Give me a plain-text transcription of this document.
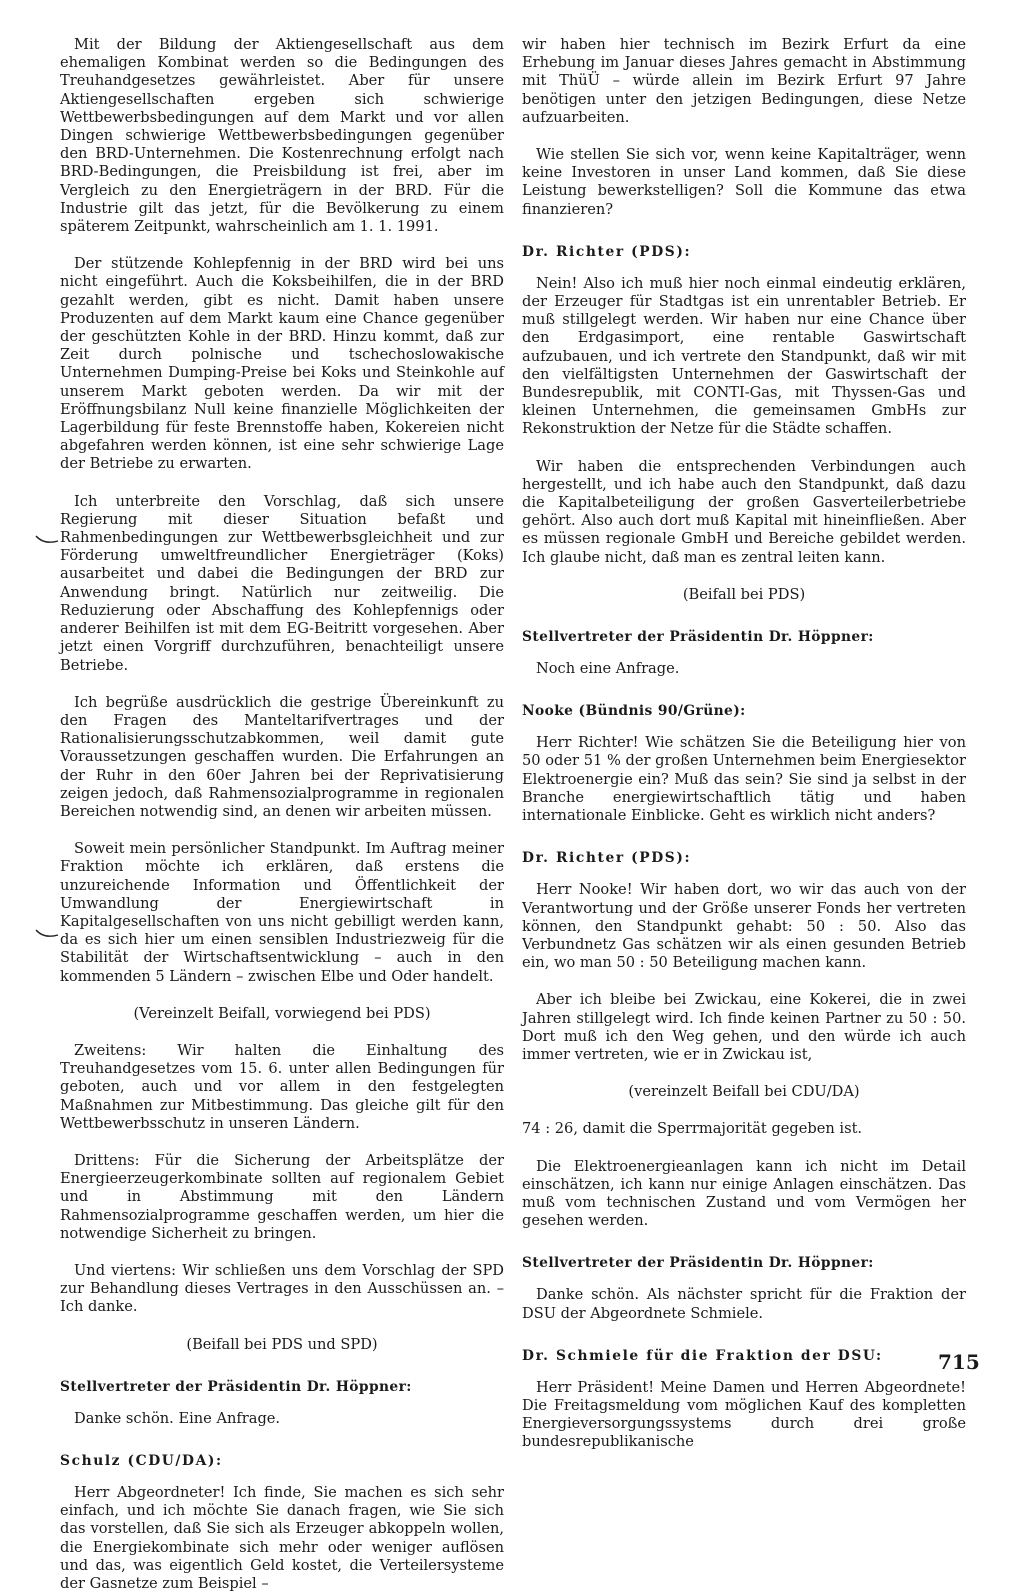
Mit der Bildung der Aktiengesellschaft aus dem ehemaligen Kombinat werden so die Bedingungen des Treuhandgesetzes gewährleistet. Aber für unsere Aktiengesellschaften ergeben sich schwierige Wettbewerbsbedingungen auf dem Markt und vor allen Dingen schwierige Wettbewerbsbedingungen gegenüber den BRD-Unternehmen. Die Kostenrechnung erfolgt nach BRD-Bedingungen, die Preisbildung ist frei, aber im Vergleich zu den Energieträgern in der BRD. Für die Industrie gilt das jetzt, für die Bevölkerung zu einem späterem Zeitpunkt, wahrscheinlich am 1. 1. 1991.

Der stützende Kohlepfennig in der BRD wird bei uns nicht eingeführt. Auch die Koksbeihilfen, die in der BRD gezahlt werden, gibt es nicht. Damit haben unsere Produzenten auf dem Markt kaum eine Chance gegenüber der geschützten Kohle in der BRD. Hinzu kommt, daß zur Zeit durch polnische und tschechoslowakische Unternehmen Dumping-Preise bei Koks und Steinkohle auf unserem Markt geboten werden. Da wir mit der Eröffnungsbilanz Null keine finanzielle Möglichkeiten der Lagerbildung für feste Brennstoffe haben, Kokereien nicht abgefahren werden können, ist eine sehr schwierige Lage der Betriebe zu erwarten.

Ich unterbreite den Vorschlag, daß sich unsere Regierung mit dieser Situation befaßt und Rahmenbedingungen zur Wettbewerbsgleichheit und zur Förderung umweltfreundlicher Energieträger (Koks) ausarbeitet und dabei die Bedingungen der BRD zur Anwendung bringt. Natürlich nur zeitweilig. Die Reduzierung oder Abschaffung des Kohlepfennigs oder anderer Beihilfen ist mit dem EG-Beitritt vorgesehen. Aber jetzt einen Vorgriff durchzuführen, benachteiligt unsere Betriebe.

Ich begrüße ausdrücklich die gestrige Übereinkunft zu den Fragen des Manteltarifvertrages und der Rationalisierungsschutzabkommen, weil damit gute Voraussetzungen geschaffen wurden. Die Erfahrungen an der Ruhr in den 60er Jahren bei der Reprivatisierung zeigen jedoch, daß Rahmensozialprogramme in regionalen Bereichen notwendig sind, an denen wir arbeiten müssen.

Soweit mein persönlicher Standpunkt. Im Auftrag meiner Fraktion möchte ich erklären, daß erstens die unzureichende Information und Öffentlichkeit der Umwandlung der Energiewirtschaft in Kapitalgesellschaften von uns nicht gebilligt werden kann, da es sich hier um einen sensiblen Industriezweig für die Stabilität der Wirtschaftsentwicklung – auch in den kommenden 5 Ländern – zwischen Elbe und Oder handelt.

(Vereinzelt Beifall, vorwiegend bei PDS)

Zweitens: Wir halten die Einhaltung des Treuhandgesetzes vom 15. 6. unter allen Bedingungen für geboten, auch und vor allem in den festgelegten Maßnahmen zur Mitbestimmung. Das gleiche gilt für den Wettbewerbsschutz in unseren Ländern.

Drittens: Für die Sicherung der Arbeitsplätze der Energieerzeugerkombinate sollten auf regionalem Gebiet und in Abstimmung mit den Ländern Rahmensozialprogramme geschaffen werden, um hier die notwendige Sicherheit zu bringen.

Und viertens: Wir schließen uns dem Vorschlag der SPD zur Behandlung dieses Vertrages in den Ausschüssen an. – Ich danke.

(Beifall bei PDS und SPD)

Stellvertreter der Präsidentin Dr. Höppner:

Danke schön. Eine Anfrage.

Schulz (CDU/DA):

Herr Abgeordneter! Ich finde, Sie machen es sich sehr einfach, und ich möchte Sie danach fragen, wie Sie sich das vorstellen, daß Sie sich als Erzeuger abkoppeln wollen, die Energiekombinate sich mehr oder weniger auflösen und das, was eigentlich Geld kostet, die Verteilersysteme der Gasnetze zum Beispiel –

wir haben hier technisch im Bezirk Erfurt da eine Erhebung im Januar dieses Jahres gemacht in Abstimmung mit ThüÜ – würde allein im Bezirk Erfurt 97 Jahre benötigen unter den jetzigen Bedingungen, diese Netze aufzuarbeiten.

Wie stellen Sie sich vor, wenn keine Kapitalträger, wenn keine Investoren in unser Land kommen, daß Sie diese Leistung bewerkstelligen? Soll die Kommune das etwa finanzieren?

Dr. Richter (PDS):

Nein! Also ich muß hier noch einmal eindeutig erklären, der Erzeuger für Stadtgas ist ein unrentabler Betrieb. Er muß stillgelegt werden. Wir haben nur eine Chance über den Erdgasimport, eine rentable Gaswirtschaft aufzubauen, und ich vertrete den Standpunkt, daß wir mit den vielfältigsten Unternehmen der Gaswirtschaft der Bundesrepublik, mit CONTI-Gas, mit Thyssen-Gas und kleinen Unternehmen, die gemeinsamen GmbHs zur Rekonstruktion der Netze für die Städte schaffen.

Wir haben die entsprechenden Verbindungen auch hergestellt, und ich habe auch den Standpunkt, daß dazu die Kapitalbeteiligung der großen Gasverteilerbetriebe gehört. Also auch dort muß Kapital mit hineinfließen. Aber es müssen regionale GmbH und Bereiche gebildet werden. Ich glaube nicht, daß man es zentral leiten kann.

(Beifall bei PDS)

Stellvertreter der Präsidentin Dr. Höppner:

Noch eine Anfrage.

Nooke (Bündnis 90/Grüne):

Herr Richter! Wie schätzen Sie die Beteiligung hier von 50 oder 51 % der großen Unternehmen beim Energiesektor Elektroenergie ein? Muß das sein? Sie sind ja selbst in der Branche energiewirtschaftlich tätig und haben internationale Einblicke. Geht es wirklich nicht anders?

Dr. Richter (PDS):

Herr Nooke! Wir haben dort, wo wir das auch von der Verantwortung und der Größe unserer Fonds her vertreten können, den Standpunkt gehabt: 50 : 50. Also das Verbundnetz Gas schätzen wir als einen gesunden Betrieb ein, wo man 50 : 50 Beteiligung machen kann.

Aber ich bleibe bei Zwickau, eine Kokerei, die in zwei Jahren stillgelegt wird. Ich finde keinen Partner zu 50 : 50. Dort muß ich den Weg gehen, und den würde ich auch immer vertreten, wie er in Zwickau ist,

(vereinzelt Beifall bei CDU/DA)

74 : 26, damit die Sperrmajorität gegeben ist.

Die Elektroenergieanlagen kann ich nicht im Detail einschätzen, ich kann nur einige Anlagen einschätzen. Das muß vom technischen Zustand und vom Vermögen her gesehen werden.

Stellvertreter der Präsidentin Dr. Höppner:

Danke schön. Als nächster spricht für die Fraktion der DSU der Abgeordnete Schmiele.

Dr. Schmiele für die Fraktion der DSU:

Herr Präsident! Meine Damen und Herren Abgeordnete! Die Freitagsmeldung vom möglichen Kauf des kompletten Energieversorgungssystems durch drei große bundesrepublikanische

715
